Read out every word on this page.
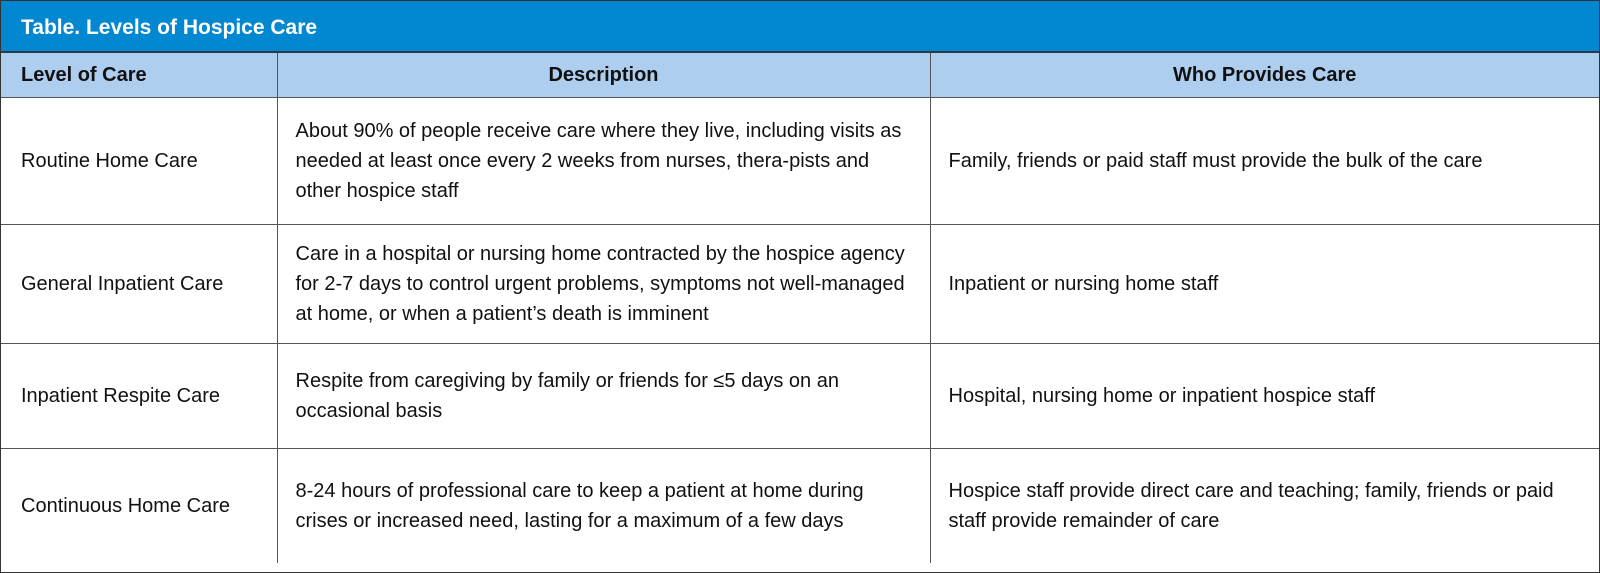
Table. Levels of Hospice Care
Level of Care	Description	Who Provides Care
Routine Home Care	About 90% of people receive care where they live, including visits as needed at least once every 2 weeks from nurses, thera-pists and other hospice staff	Family, friends or paid staff must provide the bulk of the care
General Inpatient Care	Care in a hospital or nursing home contracted by the hospice agency for 2-7 days to control urgent problems, symptoms not well-managed at home, or when a patient’s death is imminent	Inpatient or nursing home staff
Inpatient Respite Care	Respite from caregiving by family or friends for ≤5 days on an occasional basis	Hospital, nursing home or inpatient hospice staff
Continuous Home Care	8-24 hours of professional care to keep a patient at home during crises or increased need, lasting for a maximum of a few days	Hospice staff provide direct care and teaching; family, friends or paid staff provide remainder of care
